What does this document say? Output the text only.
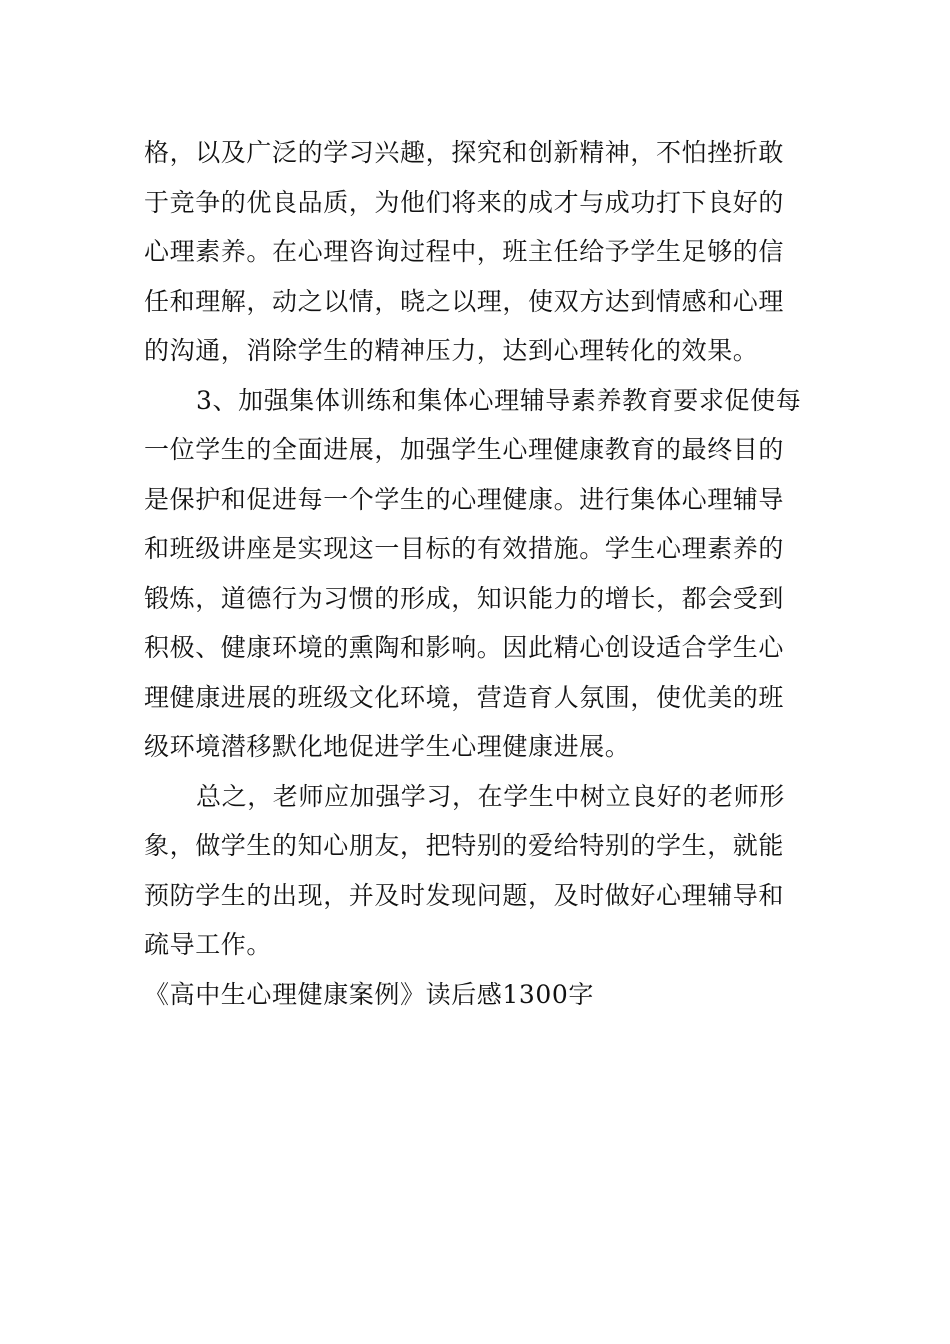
格，以及广泛的学习兴趣，探究和创新精神，不怕挫折敢
于竞争的优良品质，为他们将来的成才与成功打下良好的
心理素养。在心理咨询过程中，班主任给予学生足够的信
任和理解，动之以情，晓之以理，使双方达到情感和心理
的沟通，消除学生的精神压力，达到心理转化的效果。
3、加强集体训练和集体心理辅导素养教育要求促使每
一位学生的全面进展，加强学生心理健康教育的最终目的
是保护和促进每一个学生的心理健康。进行集体心理辅导
和班级讲座是实现这一目标的有效措施。学生心理素养的
锻炼，道德行为习惯的形成，知识能力的增长，都会受到
积极、健康环境的熏陶和影响。因此精心创设适合学生心
理健康进展的班级文化环境，营造育人氛围，使优美的班
级环境潜移默化地促进学生心理健康进展。
总之，老师应加强学习，在学生中树立良好的老师形
象，做学生的知心朋友，把特别的爱给特别的学生，就能
预防学生的出现，并及时发现问题，及时做好心理辅导和
疏导工作。
《高中生心理健康案例》读后感1300字
